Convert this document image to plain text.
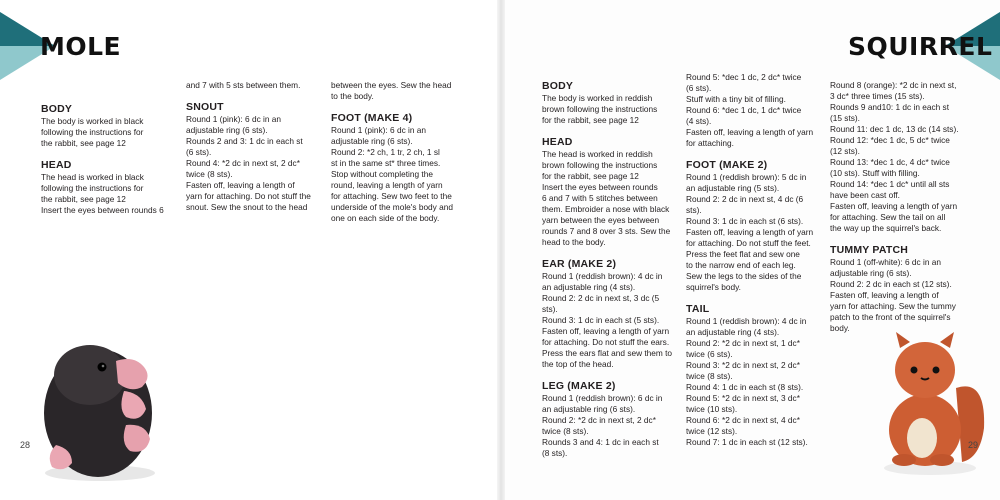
MOLE
BODY

The body is worked in black

following the instructions for

the rabbit, see page 12

HEAD

The head is worked in black

following the instructions for

the rabbit, see page 12

Insert the eyes between rounds 6

and 7 with 5 sts between them.

SNOUT

Round 1 (pink): 6 dc in an

adjustable ring (6 sts).

Rounds 2 and 3: 1 dc in each st

(6 sts).

Round 4: *2 dc in next st, 2 dc*

twice (8 sts).

Fasten off, leaving a length of

yarn for attaching. Do not stuff the

snout. Sew the snout to the head

between the eyes. Sew the head

to the body.

FOOT (MAKE 4)

Round 1 (pink): 6 dc in an

adjustable ring (6 sts).

Round 2: *2 ch, 1 tr, 2 ch, 1 sl

st in the same st* three times.

Stop without completing the

round, leaving a length of yarn

for attaching. Sew two feet to the

underside of the mole's body and

one on each side of the body.

28
SQUIRREL
BODY

The body is worked in reddish

brown following the instructions

for the rabbit, see page 12

HEAD

The head is worked in reddish

brown following the instructions

for the rabbit, see page 12

Insert the eyes between rounds

6 and 7 with 5 stitches between

them. Embroider a nose with black

yarn between the eyes between

rounds 7 and 8 over 3 sts. Sew the

head to the body.

EAR (MAKE 2)

Round 1 (reddish brown): 4 dc in

an adjustable ring (4 sts).

Round 2: 2 dc in next st, 3 dc (5

sts).

Round 3: 1 dc in each st (5 sts).

Fasten off, leaving a length of yarn

for attaching. Do not stuff the ears.

Press the ears flat and sew them to

the top of the head.

LEG (MAKE 2)

Round 1 (reddish brown): 6 dc in

an adjustable ring (6 sts).

Round 2: *2 dc in next st, 2 dc*

twice (8 sts).

Rounds 3 and 4: 1 dc in each st

(8 sts).

Round 5: *dec 1 dc, 2 dc* twice

(6 sts).

Stuff with a tiny bit of filling.

Round 6: *dec 1 dc, 1 dc* twice

(4 sts).

Fasten off, leaving a length of yarn

for attaching.

FOOT (MAKE 2)

Round 1 (reddish brown): 5 dc in

an adjustable ring (5 sts).

Round 2: 2 dc in next st, 4 dc (6

sts).

Round 3: 1 dc in each st (6 sts).

Fasten off, leaving a length of yarn

for attaching. Do not stuff the feet.

Press the feet flat and sew one

to the narrow end of each leg.

Sew the legs to the sides of the

squirrel's body.

TAIL

Round 1 (reddish brown): 4 dc in

an adjustable ring (4 sts).

Round 2: *2 dc in next st, 1 dc*

twice (6 sts).

Round 3: *2 dc in next st, 2 dc*

twice (8 sts).

Round 4: 1 dc in each st (8 sts).

Round 5: *2 dc in next st, 3 dc*

twice (10 sts).

Round 6: *2 dc in next st, 4 dc*

twice (12 sts).

Round 7: 1 dc in each st (12 sts).

Round 8 (orange): *2 dc in next st,

3 dc* three times (15 sts).

Rounds 9 and10: 1 dc in each st

(15 sts).

Round 11: dec 1 dc, 13 dc (14 sts).

Round 12: *dec 1 dc, 5 dc* twice

(12 sts).

Round 13: *dec 1 dc, 4 dc* twice

(10 sts). Stuff with filling.

Round 14: *dec 1 dc* until all sts

have been cast off.

Fasten off, leaving a length of yarn

for attaching. Sew the tail on all

the way up the squirrel's back.

TUMMY PATCH

Round 1 (off-white): 6 dc in an

adjustable ring (6 sts).

Round 2: 2 dc in each st (12 sts).

Fasten off, leaving a length of

yarn for attaching. Sew the tummy

patch to the front of the squirrel's

body.

29
